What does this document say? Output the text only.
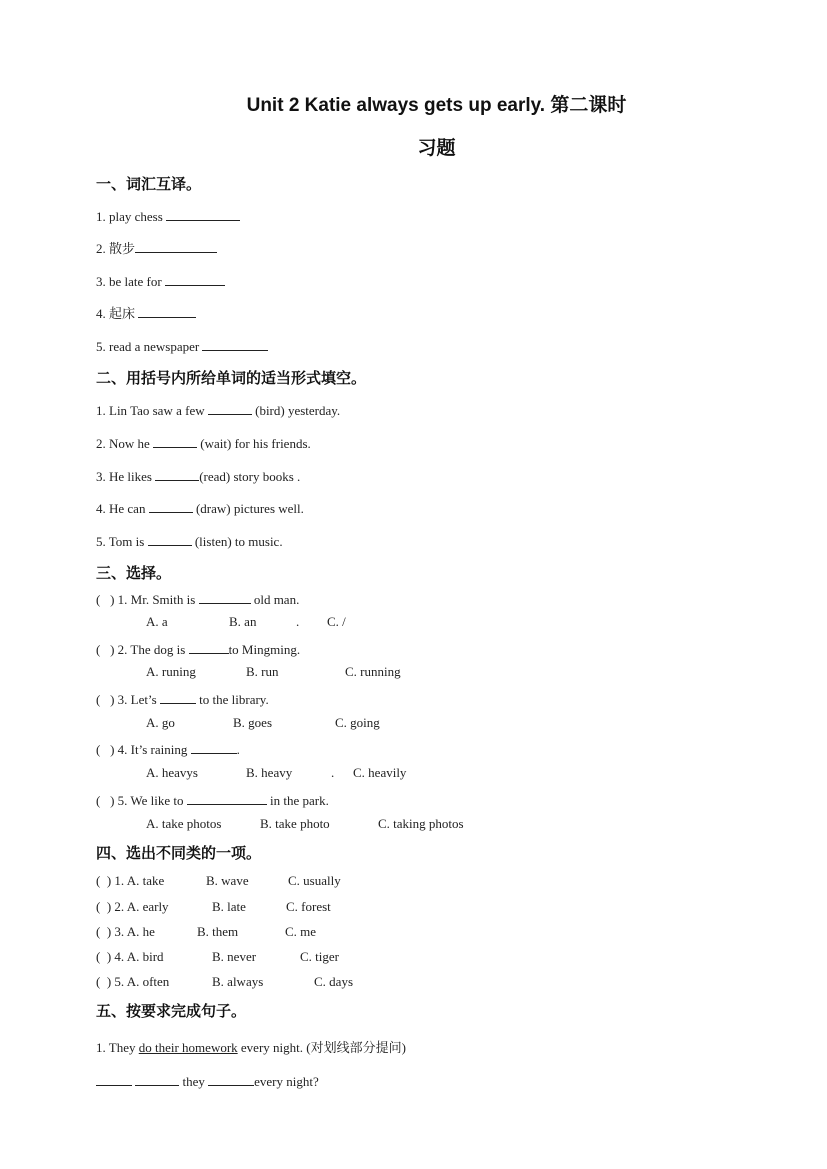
Unit 2 Katie always gets up early. 第二课时
习题
一、词汇互译。
1. play chess
2. 散步
3. be late for
4. 起床
5. read a newspaper
二、用括号内所给单词的适当形式填空。
1. Lin Tao saw a few	(bird) yesterday.
2. Now he	(wait) for his friends.
3. He likes	(read) story books .
4. He can	(draw) pictures well.
5. Tom is	(listen) to music.
三、选择。
(   ) 1. Mr. Smith is	old man.
A. a	B. an	. C. /
(   ) 2. The dog is	to Mingming.
A. runing	B. run	C. running
(   ) 3. Let’s	to the library.
A. go	B. goes	C. going
(   ) 4. It’s raining	.
A. heavys	B. heavy	. C. heavily
(   ) 5. We like to	in the park.
A. take photos	B. take photo	C. taking photos
四、选出不同类的一项。
(  ) 1. A. take	B. wave	C. usually
(  ) 2. A. early	B. late	C. forest
(  ) 3. A. he	B. them	C. me
(  ) 4. A. bird	B. never	C. tiger
(  ) 5. A. often	B. always	C. days
五、按要求完成句子。
1. They do their homework every night. (对划线部分提问)
they	every night?
